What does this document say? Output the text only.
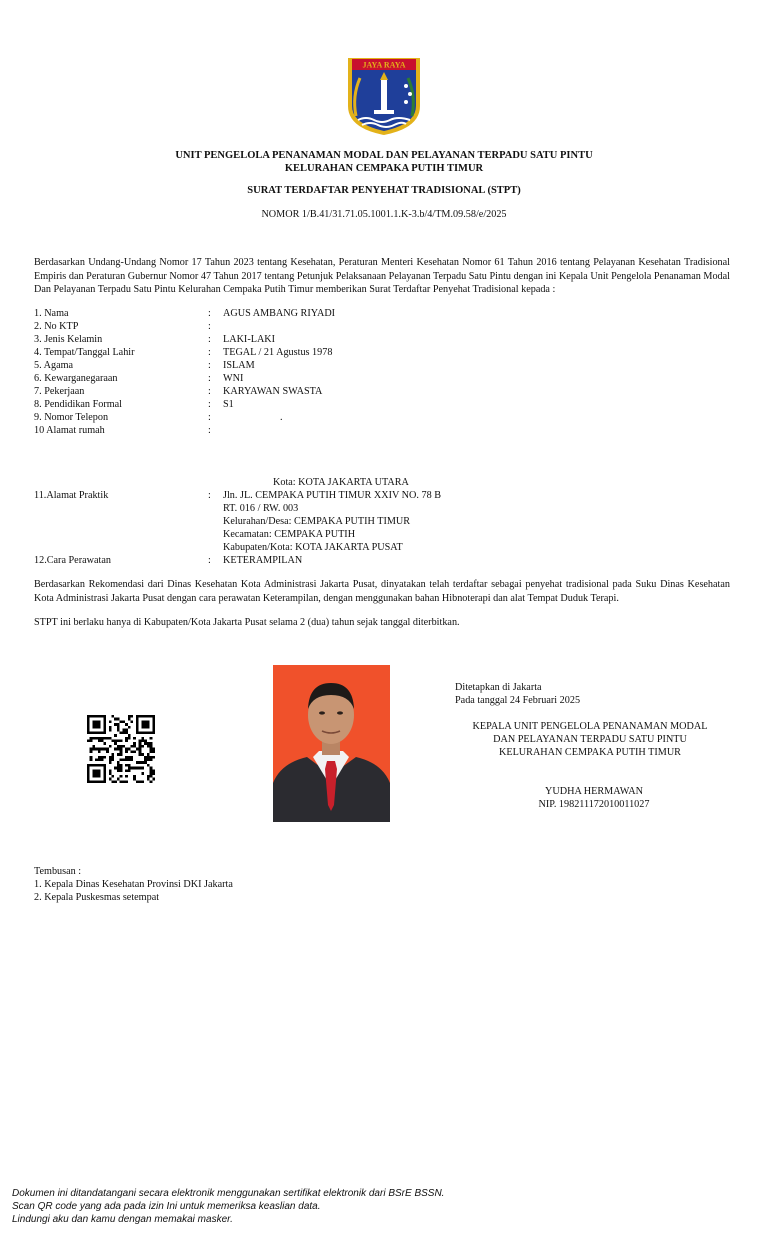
JAYA RAYA
UNIT PENGELOLA PENANAMAN MODAL DAN PELAYANAN TERPADU SATU PINTU
KELURAHAN CEMPAKA PUTIH TIMUR
SURAT TERDAFTAR PENYEHAT TRADISIONAL (STPT)
NOMOR 1/B.41/31.71.05.1001.1.K-3.b/4/TM.09.58/e/2025
Berdasarkan Undang-Undang Nomor 17 Tahun 2023 tentang Kesehatan, Peraturan Menteri Kesehatan Nomor 61 Tahun 2016 tentang Pelayanan Kesehatan Tradisional Empiris dan Peraturan Gubernur Nomor 47 Tahun 2017 tentang Petunjuk Pelaksanaan Pelayanan Terpadu Satu Pintu dengan ini Kepala Unit Pengelola Penanaman Modal Dan Pelayanan Terpadu Satu Pintu Kelurahan Cempaka Putih Timur memberikan Surat Terdaftar Penyehat Tradisional kepada :
1. Nama	: AGUS AMBANG RIYADI
2. No KTP	:
3. Jenis Kelamin	: LAKI-LAKI
4. Tempat/Tanggal Lahir	: TEGAL / 21 Agustus 1978
5. Agama	: ISLAM
6. Kewarganegaraan	: WNI
7. Pekerjaan	: KARYAWAN SWASTA
8. Pendidikan Formal	: S1
9. Nomor Telepon	:	.
10 Alamat rumah	:
Kota: KOTA JAKARTA UTARA
11.Alamat Praktik	: Jln. JL. CEMPAKA PUTIH TIMUR XXIV NO. 78 B
RT. 016 / RW. 003
Kelurahan/Desa: CEMPAKA PUTIH TIMUR
Kecamatan: CEMPAKA PUTIH
Kabupaten/Kota: KOTA JAKARTA PUSAT
12.Cara Perawatan	: KETERAMPILAN
Berdasarkan Rekomendasi dari Dinas Kesehatan Kota Administrasi Jakarta Pusat, dinyatakan telah terdaftar sebagai penyehat tradisional pada Suku Dinas Kesehatan Kota Administrasi Jakarta Pusat dengan cara perawatan Keterampilan, dengan menggunakan bahan Hibnoterapi dan alat Tempat Duduk Terapi.
STPT ini berlaku hanya di Kabupaten/Kota Jakarta Pusat selama 2 (dua) tahun sejak tanggal diterbitkan.
Ditetapkan di Jakarta
Pada tanggal 24 Februari 2025
KEPALA UNIT PENGELOLA PENANAMAN MODAL
DAN PELAYANAN TERPADU SATU PINTU
KELURAHAN CEMPAKA PUTIH TIMUR
YUDHA HERMAWAN
NIP. 198211172010011027
Tembusan :
1. Kepala Dinas Kesehatan Provinsi DKI Jakarta
2. Kepala Puskesmas setempat
Dokumen ini ditandatangani secara elektronik menggunakan sertifikat elektronik dari BSrE BSSN.
Scan QR code yang ada pada izin Ini untuk memeriksa keaslian data.
Lindungi aku dan kamu dengan memakai masker.
